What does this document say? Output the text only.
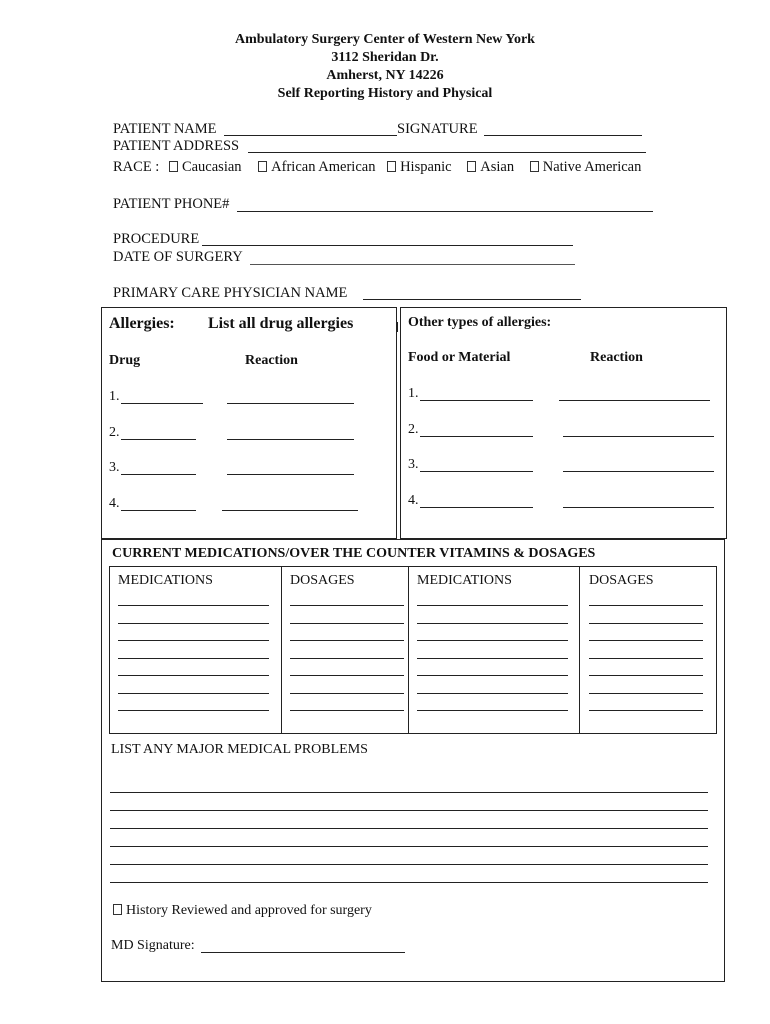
Ambulatory Surgery Center of Western New York
3112 Sheridan Dr.
Amherst, NY 14226
Self Reporting History and Physical
PATIENT NAME	SIGNATURE
PATIENT ADDRESS
RACE : Caucasian African American Hispanic Asian Native American
PATIENT PHONE#
PROCEDURE
DATE OF SURGERY
PRIMARY CARE PHYSICIAN NAME
Allergies: List all drug allergies
Drug	Reaction
1.
2.
3.
4.
Other types of allergies:
Food or Material	Reaction
1.
2.
3.
4.
CURRENT MEDICATIONS/OVER THE COUNTER VITAMINS & DOSAGES
MEDICATIONS	DOSAGES	MEDICATIONS	DOSAGES
LIST ANY MAJOR MEDICAL PROBLEMS
History Reviewed and approved for surgery
MD Signature:
